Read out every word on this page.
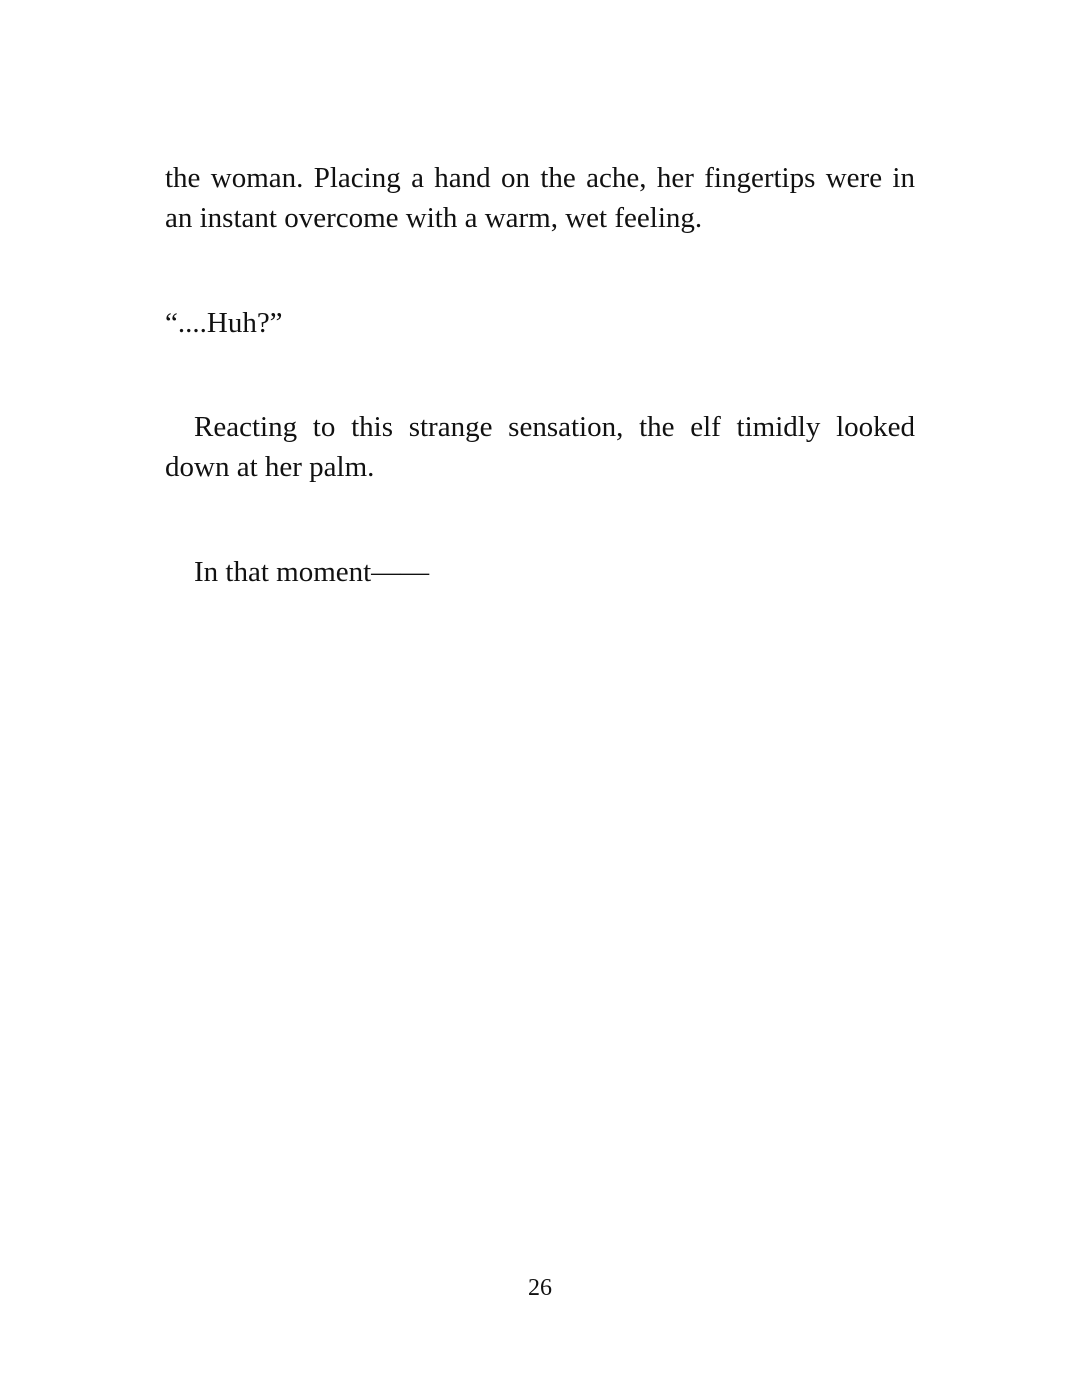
the woman. Placing a hand on the ache, her fingertips were in an instant overcome with a warm, wet feeling.

“....Huh?”

Reacting to this strange sensation, the elf timidly looked down at her palm.

In that moment——

26
